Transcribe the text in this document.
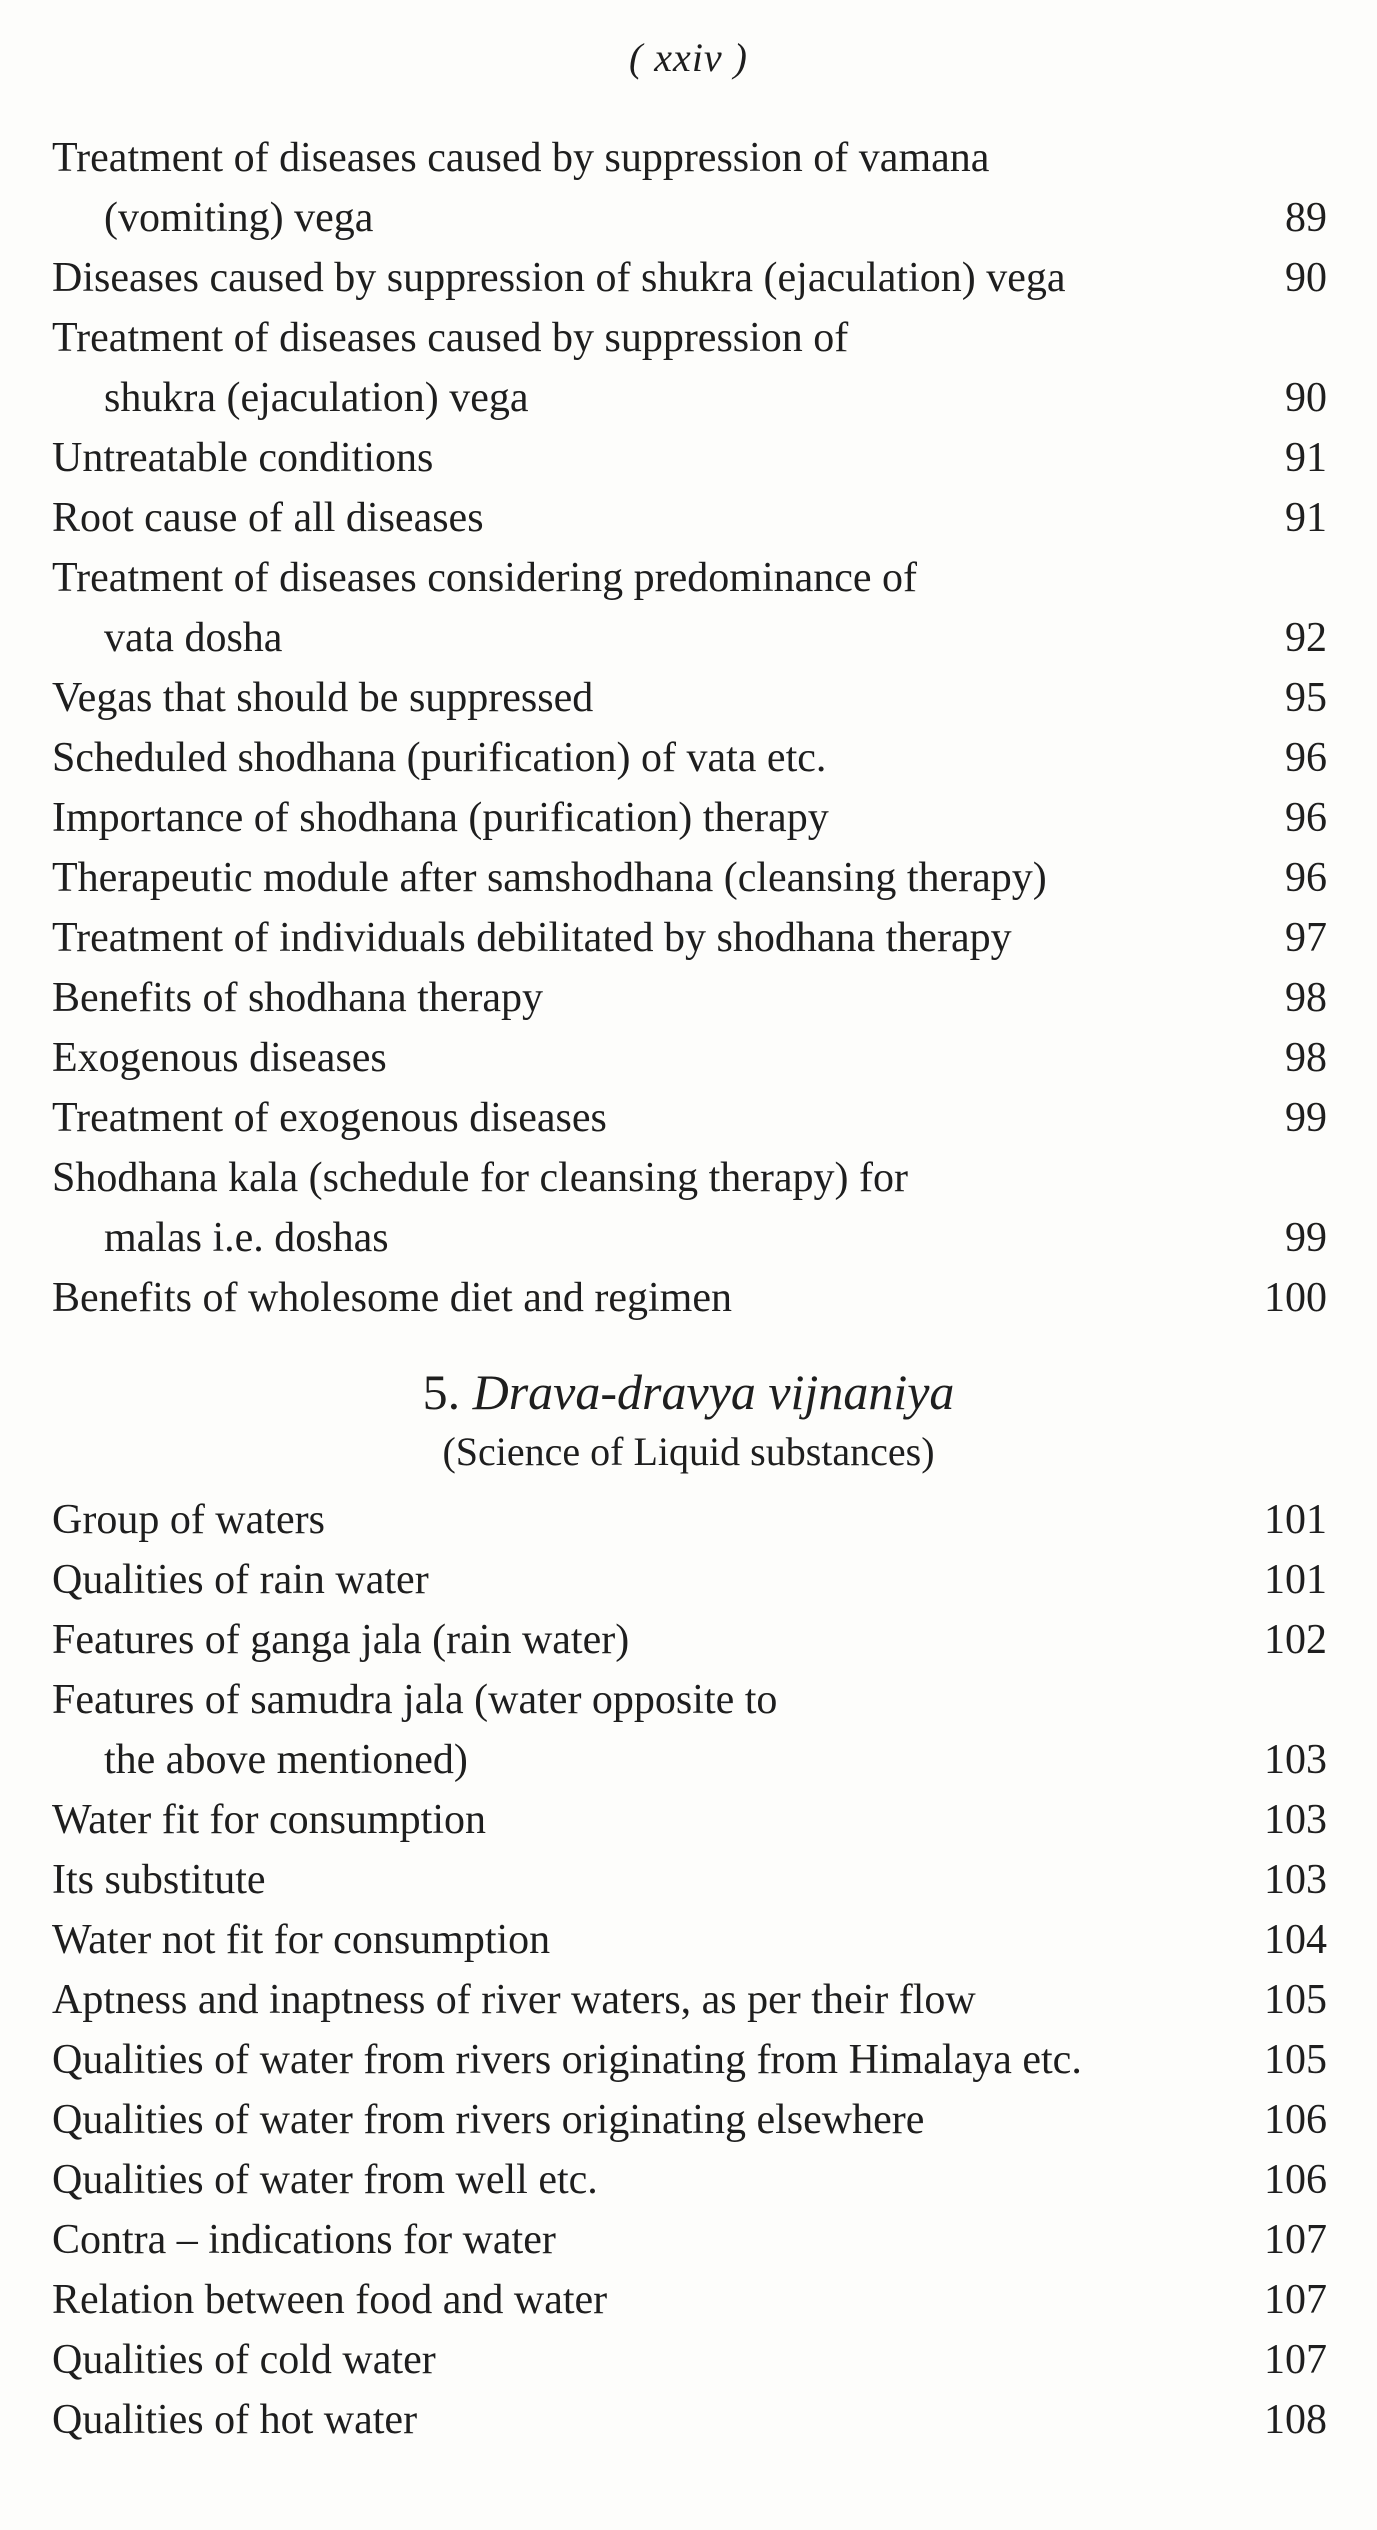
( xxiv )
Treatment of diseases caused by suppression of vamana
(vomiting) vega	89
Diseases caused by suppression of shukra (ejaculation) vega	90
Treatment of diseases caused by suppression of
shukra (ejaculation) vega	90
Untreatable conditions	91
Root cause of all diseases	91
Treatment of diseases considering predominance of
vata dosha	92
Vegas that should be suppressed	95
Scheduled shodhana (purification) of vata etc.	96
Importance of shodhana (purification) therapy	96
Therapeutic module after samshodhana (cleansing therapy)	96
Treatment of individuals debilitated by shodhana therapy	97
Benefits of shodhana therapy	98
Exogenous diseases	98
Treatment of exogenous diseases	99
Shodhana kala (schedule for cleansing therapy) for
malas i.e. doshas	99
Benefits of wholesome diet and regimen	100
5. Drava-dravya vijnaniya
(Science of Liquid substances)
Group of waters	101
Qualities of rain water	101
Features of ganga jala (rain water)	102
Features of samudra jala (water opposite to
the above mentioned)	103
Water fit for consumption	103
Its substitute	103
Water not fit for consumption	104
Aptness and inaptness of river waters, as per their flow	105
Qualities of water from rivers originating from Himalaya etc.	105
Qualities of water from rivers originating elsewhere	106
Qualities of water from well etc.	106
Contra – indications for water	107
Relation between food and water	107
Qualities of cold water	107
Qualities of hot water	108
